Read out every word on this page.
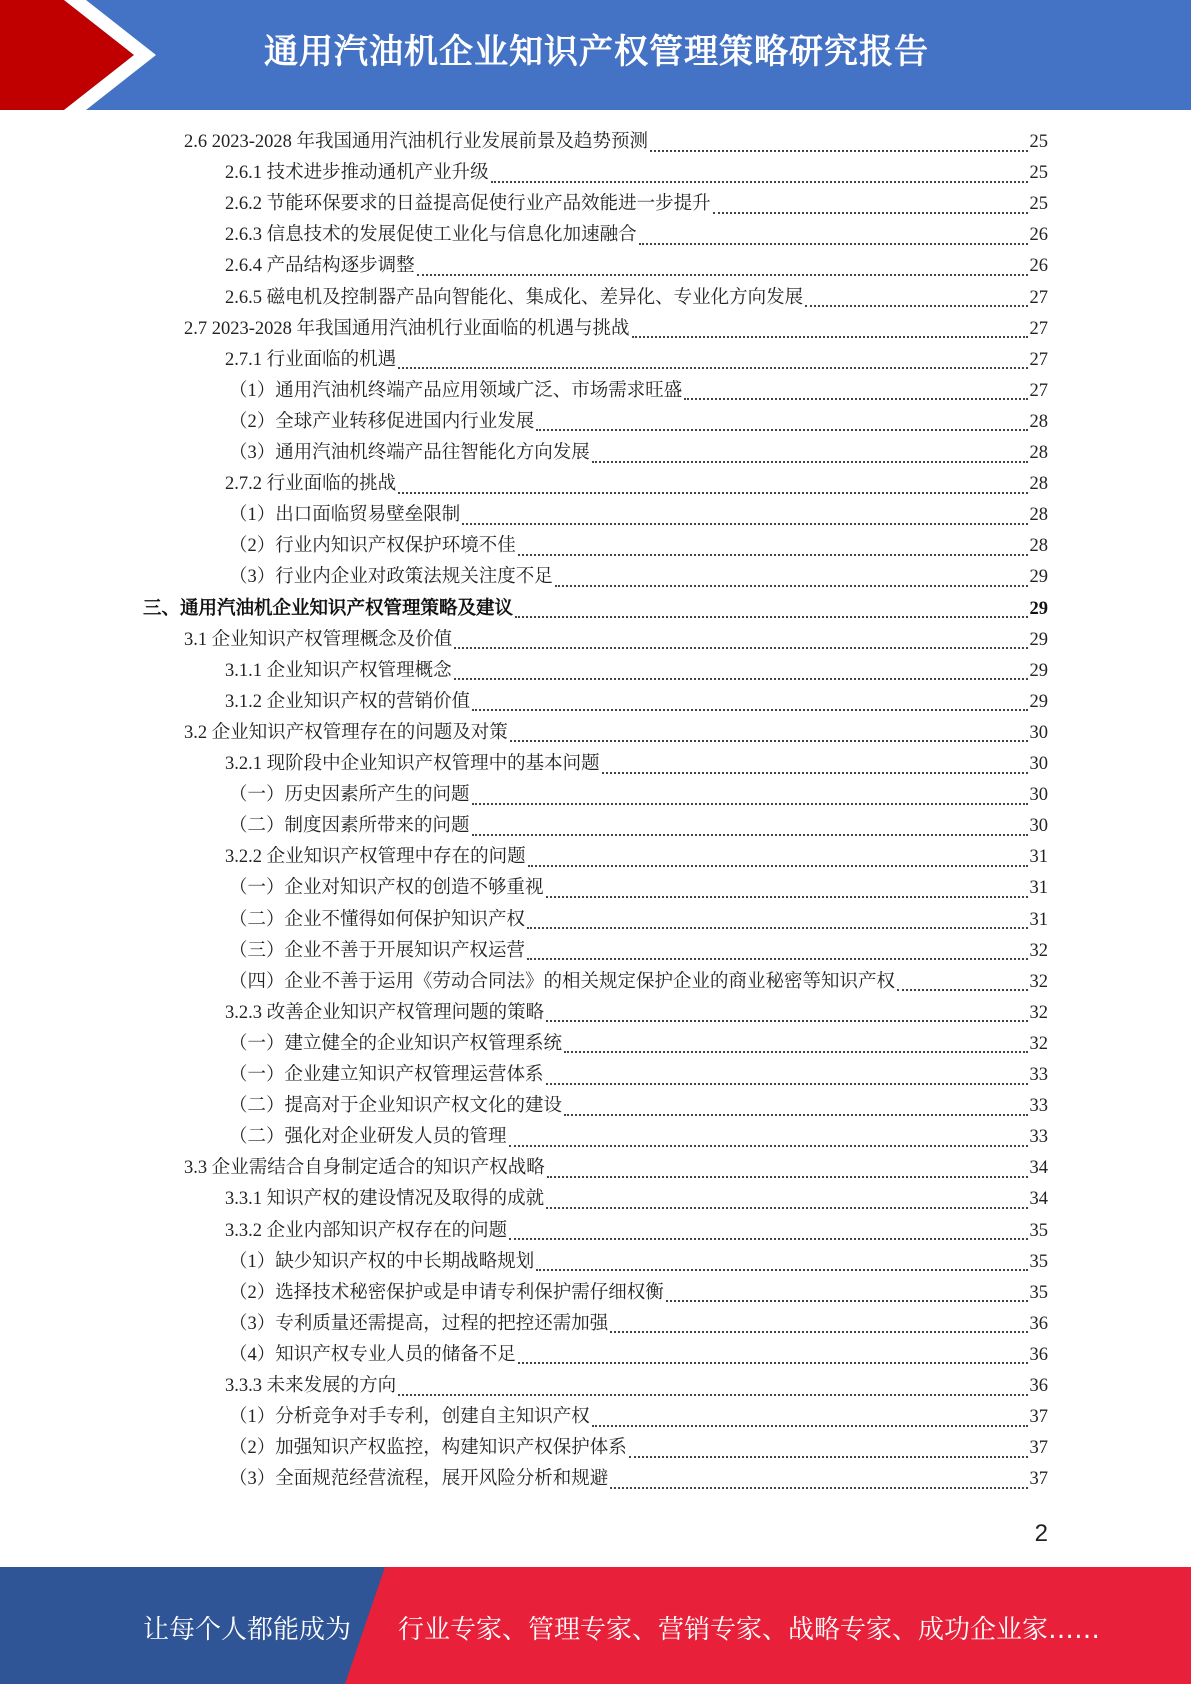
通用汽油机企业知识产权管理策略研究报告
2.6 2023-2028 年我国通用汽油机行业发展前景及趋势预测	25
2.6.1 技术进步推动通机产业升级	25
2.6.2 节能环保要求的日益提高促使行业产品效能进一步提升	25
2.6.3 信息技术的发展促使工业化与信息化加速融合	26
2.6.4 产品结构逐步调整	26
2.6.5 磁电机及控制器产品向智能化、集成化、差异化、专业化方向发展	27
2.7 2023-2028 年我国通用汽油机行业面临的机遇与挑战	27
2.7.1 行业面临的机遇	27
（1）通用汽油机终端产品应用领域广泛、市场需求旺盛	27
（2）全球产业转移促进国内行业发展	28
（3）通用汽油机终端产品往智能化方向发展	28
2.7.2 行业面临的挑战	28
（1）出口面临贸易壁垒限制	28
（2）行业内知识产权保护环境不佳	28
（3）行业内企业对政策法规关注度不足	29
三、通用汽油机企业知识产权管理策略及建议	29
3.1 企业知识产权管理概念及价值	29
3.1.1 企业知识产权管理概念	29
3.1.2 企业知识产权的营销价值	29
3.2 企业知识产权管理存在的问题及对策	30
3.2.1 现阶段中企业知识产权管理中的基本问题	30
（一）历史因素所产生的问题	30
（二）制度因素所带来的问题	30
3.2.2 企业知识产权管理中存在的问题	31
（一）企业对知识产权的创造不够重视	31
（二）企业不懂得如何保护知识产权	31
（三）企业不善于开展知识产权运营	32
（四）企业不善于运用《劳动合同法》的相关规定保护企业的商业秘密等知识产权	32
3.2.3 改善企业知识产权管理问题的策略	32
（一）建立健全的企业知识产权管理系统	32
（一）企业建立知识产权管理运营体系	33
（二）提高对于企业知识产权文化的建设	33
（二）强化对企业研发人员的管理	33
3.3 企业需结合自身制定适合的知识产权战略	34
3.3.1 知识产权的建设情况及取得的成就	34
3.3.2 企业内部知识产权存在的问题	35
（1）缺少知识产权的中长期战略规划	35
（2）选择技术秘密保护或是申请专利保护需仔细权衡	35
（3）专利质量还需提高，过程的把控还需加强	36
（4）知识产权专业人员的储备不足	36
3.3.3 未来发展的方向	36
（1）分析竞争对手专利，创建自主知识产权	37
（2）加强知识产权监控，构建知识产权保护体系	37
（3）全面规范经营流程，展开风险分析和规避	37
2
让每个人都能成为 行业专家、管理专家、营销专家、战略专家、成功企业家……
